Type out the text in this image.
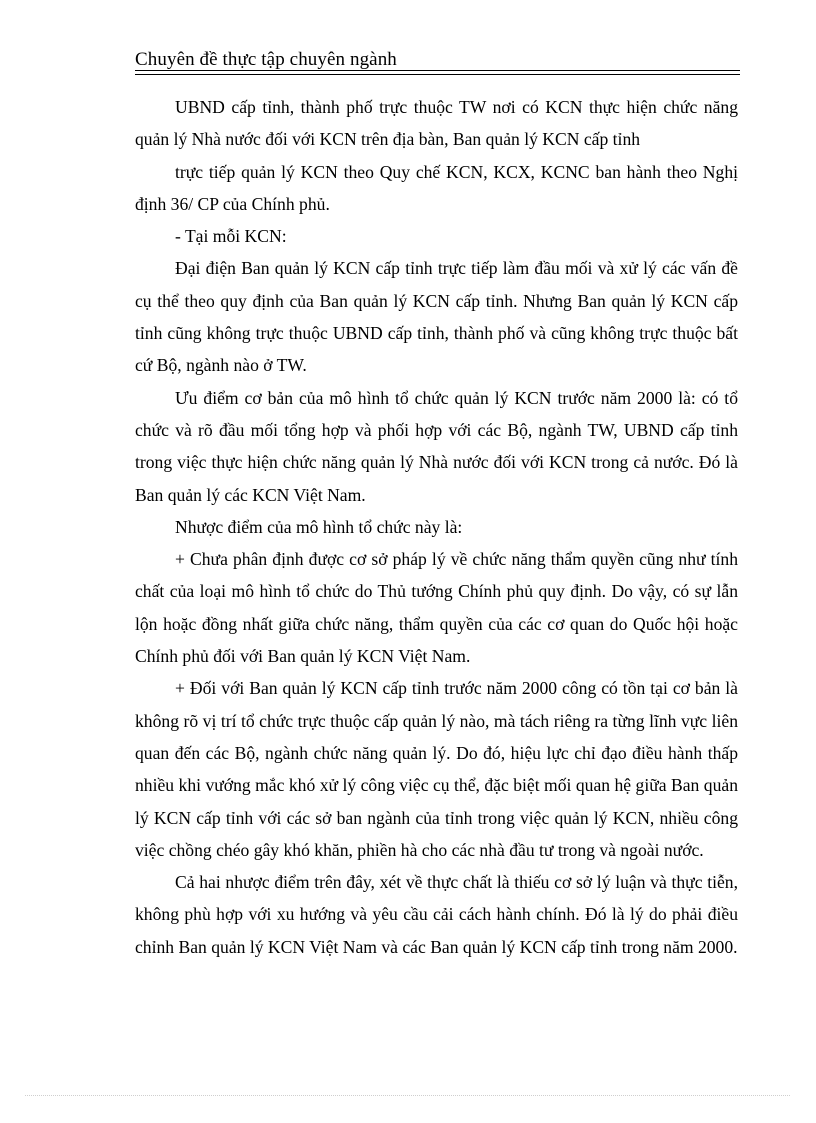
Chuyên đề thực tập chuyên ngành

UBND cấp tỉnh, thành phố trực thuộc TW nơi có KCN thực hiện chức năng quản lý Nhà nước đối với KCN trên địa bàn, Ban quản lý KCN cấp tỉnh

trực tiếp quản lý KCN theo Quy chế KCN, KCX, KCNC ban hành theo Nghị định 36/ CP của Chính phủ.

- Tại mỗi KCN:

Đại điện Ban quản lý KCN cấp tỉnh trực tiếp làm đầu mối và xử lý các vấn đề cụ thể theo quy định của Ban quản lý KCN cấp tỉnh. Nhưng Ban quản lý KCN cấp tỉnh cũng không trực thuộc UBND cấp tỉnh, thành phố và cũng không trực thuộc bất cứ Bộ, ngành nào ở TW.

Ưu điểm cơ bản của mô hình tổ chức quản lý KCN trước năm 2000 là: có tổ chức và rõ đầu mối tổng hợp và phối hợp với các Bộ, ngành TW, UBND cấp tỉnh trong việc thực hiện chức năng quản lý Nhà nước đối với KCN trong cả nước. Đó là Ban quản lý các KCN Việt Nam.

Nhược điểm của mô hình tổ chức này là:

+ Chưa phân định được cơ sở pháp lý về chức năng thẩm quyền cũng như tính chất của loại mô hình tổ chức do Thủ tướng Chính phủ quy định. Do vậy, có sự lẫn lộn hoặc đồng nhất giữa chức năng, thẩm quyền của các cơ quan do Quốc hội hoặc Chính phủ đối với Ban quản lý KCN Việt Nam.

+ Đối với Ban quản lý KCN cấp tỉnh trước năm 2000 công có tồn tại cơ bản là không rõ vị trí tổ chức trực thuộc cấp quản lý nào, mà tách riêng ra từng lĩnh vực liên quan đến các Bộ, ngành chức năng quản lý. Do đó, hiệu lực chỉ đạo điều hành thấp nhiều khi vướng mắc khó xử lý công việc cụ thể, đặc biệt mối quan hệ giữa Ban quản lý KCN cấp tỉnh với các sở ban ngành của tỉnh trong việc quản lý KCN, nhiều công việc chồng chéo gây khó khăn, phiền hà cho các nhà đầu tư trong và ngoài nước.

Cả hai nhược điểm trên đây, xét về thực chất là thiếu cơ sở lý luận và thực tiễn, không phù hợp với xu hướng và yêu cầu cải cách hành chính. Đó là lý do phải điều chỉnh Ban quản lý KCN Việt Nam và các Ban quản lý KCN cấp tỉnh trong năm 2000.
